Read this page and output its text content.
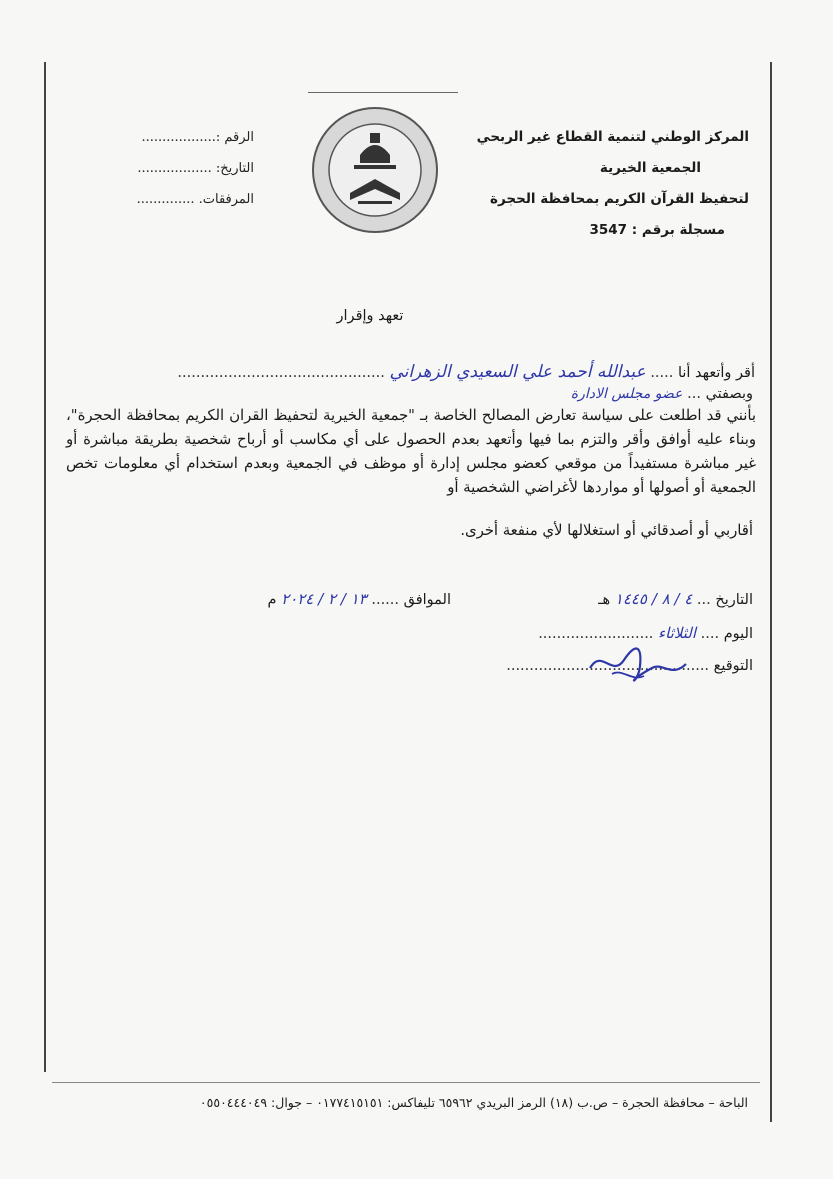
المركز الوطني لتنمية القطاع غير الربحي
الجمعية الخيرية
لتحفيظ القرآن الكريم بمحافظة الحجرة
مسجلة برقم : 3547
الرقم :..................
التاريخ: ..................
المرفقات. ..............
تعهد وإقرار
أقر وأتعهد أنا ..... عبدالله أحمد علي السعيدي الزهراني .............................................
وبصفتي ... عضو مجلس الادارة
بأنني قد اطلعت على سياسة تعارض المصالح الخاصة بـ "جمعية الخيرية لتحفيظ القران الكريم بمحافظة الحجرة"، وبناء عليه أوافق وأقر والتزم بما فيها وأتعهد بعدم الحصول على أي مكاسب أو أرباح شخصية بطريقة مباشرة أو غير مباشرة مستفيداً من موقعي كعضو مجلس إدارة أو موظف في الجمعية وبعدم استخدام أي معلومات تخص الجمعية أو أصولها أو مواردها لأغراضي الشخصية أو
أقاربي أو أصدقائي أو استغلالها لأي منفعة أخرى.
التاريخ ... ٤ / ٨ / ١٤٤٥ هـ
الموافق ...... ١٣ / ٢ / ٢٠٢٤ م
اليوم .... الثلاثاء .........................
التوقيع ............................................
الباحة – محافظة الحجرة – ص.ب (١٨) الرمز البريدي ٦٥٩٦٢ تليفاكس: ٠١٧٧٤١٥١٥١ – جوال: ٠٥٥٠٤٤٤٠٤٩
